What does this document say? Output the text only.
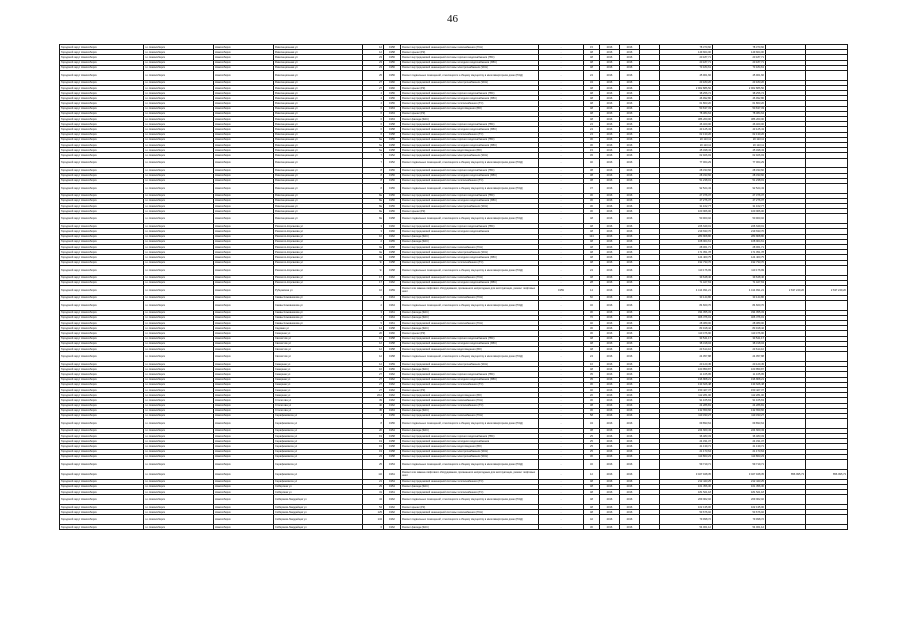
46
Городской округ Новосибирск	г.о. Новосибирск	Новосибирск	Революционная ул	12	1958	Ремонт внутридомовой инженерной системы газоснабжения (ГСН)	-	15	2016	2016		78 370,60	78 370,60		
Городской округ Новосибирск	г.о. Новосибирск	Новосибирск	Революционная ул	12	1958	Ремонт крыши (РК)	-	48	2016	2016		149 824,00	149 824,00		
Городской округ Новосибирск	г.о. Новосибирск	Новосибирск	Революционная ул	23	1956	Ремонт внутридомовой инженерной системы горячего водоснабжения (ГВС)	-	48	2016	2016		20 187,71	20 187,71		
Городской округ Новосибирск	г.о. Новосибирск	Новосибирск	Революционная ул	23	1956	Ремонт внутридомовой инженерной системы холодного водоснабжения (ХВС)	-	48	2016	2016		20 187,71	20 187,71		
Городской округ Новосибирск	г.о. Новосибирск	Новосибирск	Революционная ул	23	1956	Ремонт внутридомовой инженерной системы электроснабжения (ЭСН)	-	48	2016	2016		73 184,61	73 184,61		
Городской округ Новосибирск	г.о. Новосибирск	Новосибирск	Революционная ул	25	1956	Ремонт подвальных помещений, относящихся к общему имуществу в многоквартирном доме (ПОД)	-	24	2016	2016		45 961,66	45 961,66		
Городской округ Новосибирск	г.о. Новосибирск	Новосибирск	Революционная ул	27	1960	Ремонт внутридомовой инженерной системы электроснабжения (ЭСН)	-	34	2016	2016		23 183,26	23 183,26		
Городской округ Новосибирск	г.о. Новосибирск	Новосибирск	Революционная ул	27	1960	Ремонт крыши (РК)	-	48	2016	2016		2 962 886,50	2 962 886,50		
Городской округ Новосибирск	г.о. Новосибирск	Новосибирск	Революционная ул	4	1956	Ремонт внутридомовой инженерной системы горячего водоснабжения (ГВС)	-	48	2016	2016		38 256,74	38 256,74		
Городской округ Новосибирск	г.о. Новосибирск	Новосибирск	Революционная ул	4	1956	Ремонт внутридомовой инженерной системы холодного водоснабжения (ХВС)	-	48	2016	2016		46 992,80	46 992,80		
Городской округ Новосибирск	г.о. Новосибирск	Новосибирск	Революционная ул	4	1956	Ремонт внутридомовой инженерной системы теплоснабжения (ТС)	-	48	2016	2016		61 863,20	61 863,20		
Городской округ Новосибирск	г.о. Новосибирск	Новосибирск	Революционная ул	6	1963	Ремонт внутридомовой инженерной системы водоотведения (ВО)	-	48	2016	2016		50 637,33	50 637,33		
Городской округ Новосибирск	г.о. Новосибирск	Новосибирск	Революционная ул	6	1963	Ремонт крыши (РК)	-	48	2016	2016		78 384,64	78 384,64		
Городской округ Новосибирск	г.о. Новосибирск	Новосибирск	Революционная ул	6	1963	Ремонт фасада (ФАС)	-	48	2016	2016		386 260,00	386 260,00		
Городской округ Новосибирск	г.о. Новосибирск	Новосибирск	Революционная ул	6	1958	Ремонт внутридомовой инженерной системы горячего водоснабжения (ГВС)	-	24	2016	2016		46 400,00	46 400,00		
Городской округ Новосибирск	г.о. Новосибирск	Новосибирск	Революционная ул	6	1958	Ремонт внутридомовой инженерной системы холодного водоснабжения (ХВС)	-	24	2016	2016		43 125,43	43 125,43		
Городской округ Новосибирск	г.о. Новосибирск	Новосибирск	Революционная ул	6	1958	Ремонт внутридомовой инженерной системы теплоснабжения (ТС)	-	24	2016	2016		62 130,20	62 130,20		
Городской округ Новосибирск	г.о. Новосибирск	Новосибирск	Революционная ул	6а	1956	Ремонт внутридомовой инженерной системы горячего водоснабжения (ГВС)	-	30	2016	2016		20 113,11	20 113,11		
Городской округ Новосибирск	г.о. Новосибирск	Новосибирск	Революционная ул	6а	1958	Ремонт внутридомовой инженерной системы холодного водоснабжения (ХВС)	-	30	2016	2016		20 113,11	20 113,11		
Городской округ Новосибирск	г.о. Новосибирск	Новосибирск	Революционная ул	6а	1958	Ремонт внутридомовой инженерной системы водоотведения (ВО)	-	15	2016	2016		45 498,43	45 498,43		
Городской округ Новосибирск	г.о. Новосибирск	Новосибирск	Революционная ул	7	1952	Ремонт внутридомовой инженерной системы электроснабжения (ЭСН)	-	45	2016	2016		62 926,93	62 926,93		
Городской округ Новосибирск	г.о. Новосибирск	Новосибирск	Революционная ул	7	1952	Ремонт подвальных помещений, относящихся к общему имуществу в многоквартирном доме (ПОД)	-	40	2016	2016		77 064,29	77 064,29		
Городской округ Новосибирск	г.о. Новосибирск	Новосибирск	Революционная ул	8	1956	Ремонт внутридомовой инженерной системы горячего водоснабжения (ГВС)	-	38	2016	2016		28 333,60	28 333,60		
Городской округ Новосибирск	г.о. Новосибирск	Новосибирск	Революционная ул	8	1956	Ремонт внутридомовой инженерной системы холодного водоснабжения (ХВС)	-	38	2016	2016		28 333,60	28 333,60		
Городской округ Новосибирск	г.о. Новосибирск	Новосибирск	Революционная ул	8	1956	Ремонт внутридомовой инженерной системы теплоснабжения (ТС)	-	38	2016	2016		51 238,01	51 238,01		
Городской округ Новосибирск	г.о. Новосибирск	Новосибирск	Революционная ул	8	1956	Ремонт подвальных помещений, относящихся к общему имуществу в многоквартирном доме (ПОД)	-	37	2016	2016		92 524,43	92 524,43		
Городской округ Новосибирск	г.о. Новосибирск	Новосибирск	Революционная ул	8а	1956	Ремонт внутридомовой инженерной системы горячего водоснабжения (ГВС)	-	30	2016	2016		27 376,37	27 376,37		
Городской округ Новосибирск	г.о. Новосибирск	Новосибирск	Революционная ул	8а	1956	Ремонт внутридомовой инженерной системы холодного водоснабжения (ХВС)	-	30	2016	2016		47 276,37	47 276,37		
Городской округ Новосибирск	г.о. Новосибирск	Новосибирск	Революционная ул	8а	1956	Ремонт внутридомовой инженерной системы электроснабжения (ЭСН)	-	30	2016	2016		31 162,77	31 162,77		
Городской округ Новосибирск	г.о. Новосибирск	Новосибирск	Революционная ул	8а	1956	Ремонт крыши (РК)	-	30	2016	2016		100 966,00	100 966,00		
Городской округ Новосибирск	г.о. Новосибирск	Новосибирск	Революционная ул	8в	1958	Ремонт подвальных помещений, относящихся к общему имуществу в многоквартирном доме (ПОД)	-	48	2016	2016		50 900,02	50 900,02		
Городской округ Новосибирск	г.о. Новосибирск	Новосибирск	Римского-Корсакова ул	3	1960	Ремонт внутридомовой инженерной системы горячего водоснабжения (ГВС)	-	48	2016	2016		226 649,01	226 649,01		
Городской округ Новосибирск	г.о. Новосибирск	Новосибирск	Римского-Корсакова ул	3	1960	Ремонт внутридомовой инженерной системы холодного водоснабжения	-	48	2016	2016		219 633,70	219 633,70		
Городской округ Новосибирск	г.о. Новосибирск	Новосибирск	Римского-Корсакова ул	10	1962	Ремонт фасада (ФАС)	-	124	2016	2016		283 808,80	283 808,80		
Городской округ Новосибирск	г.о. Новосибирск	Новосибирск	Римского-Корсакова ул	2	1955	Ремонт фасада (ФАС)	-	48	2016	2016		108 904,61	108 904,61		
Городской округ Новосибирск	г.о. Новосибирск	Новосибирск	Римского-Корсакова ул	9а	1958	Ремонт внутридомовой инженерной системы газоснабжения (ГСН)	-	48	2016	2016		28 061,71	28 061,71		
Городской округ Новосибирск	г.о. Новосибирск	Новосибирск	Римского-Корсакова ул	9а	1958	Ремонт внутридомовой инженерной системы электроснабжения (ЭСН)	-	48	2016	2016		171 051,78	171 051,78		
Городской округ Новосибирск	г.о. Новосибирск	Новосибирск	Римского-Корсакова ул	9в	1958	Ремонт внутридомовой инженерной системы холодного водоснабжения (ХВС)	-	48	2016	2016		124 400,75	124 400,75		
Городской округ Новосибирск	г.о. Новосибирск	Новосибирск	Римского-Корсакова ул	9г	1958	Ремонт внутридомовой инженерной системы теплоснабжения (ТС)	-	48	2016	2016		192 733,70	192 733,70		
Городской округ Новосибирск	г.о. Новосибирск	Новосибирск	Римского-Корсакова ул	9г	1958	Ремонт подвальных помещений, относящихся к общему имуществу в многоквартирном доме (ПОД)	-	24	2016	2016		110 176,99	110 176,99		
Городской округ Новосибирск	г.о. Новосибирск	Новосибирск	Римского-Корсакова ул	17	1962	Ремонт внутридомовой инженерной системы газоснабжения (ГСН)	-	48	2016	2016		39 648,40	39 648,40		
Городской округ Новосибирск	г.о. Новосибирск	Новосибирск	Римского-Корсакова ул	17	1962	Ремонт внутридомовой инженерной системы холодного водоснабжения (ХВС)	-	28	2016	2016		71 427,63	71 427,63		
Городской округ Новосибирск	г.о. Новосибирск	Новосибирск	Рубцовская ул	10	1959	Ремонт или замена лифтового оборудования, признанного непригодным для эксплуатации, ремонт лифтовых шахт	1959	14	2016	2016		4 414 991,21	4 414 991,21	2 637 249,20	2 637 249,20
Городской округ Новосибирск	г.о. Новосибирск	Новосибирск	Саввы Кожевникова ул	2	1964	Ремонт внутридомовой инженерной системы газоснабжения (ГСН)	-	60	2016	2016		33 144,80	33 144,80		
Городской округ Новосибирск	г.о. Новосибирск	Новосибирск	Саввы Кожевникова ул	2	1964	Ремонт подвальных помещений, относящихся к общему имуществу в многоквартирном доме (ПОД)	-	32	2016	2016		84 660,70	84 660,70		
Городской округ Новосибирск	г.о. Новосибирск	Новосибирск	Саввы Кожевникова ул	3	1961	Ремонт фасада (ФАС)	-	30	2016	2016		334 055,33	334 055,33		
Городской округ Новосибирск	г.о. Новосибирск	Новосибирск	Саввы Кожевникова ул	4	1964	Ремонт фасада (ФАС)	-	70	2016	2016		406 376,01	406 376,01		
Городской округ Новосибирск	г.о. Новосибирск	Новосибирск	Саввы Кожевникова ул	5	1961	Ремонт внутридомовой инженерной системы газоснабжения (ГСН)	-	40	2016	2016		28 389,00	28 389,00		
Городской округ Новосибирск	г.о. Новосибирск	Новосибирск	Садовая ул	14	1958	Ремонт фасада (ФАС)	-	30	2016	2016		83 918,42	83 918,42		
Городской округ Новосибирск	г.о. Новосибирск	Новосибирск	Северная ул	20	1960	Ремонт крыши (РК)	-	30	2016	2016		110 476,90	110 476,90		
Городской округ Новосибирск	г.о. Новосибирск	Новосибирск	Связистов ул	12	1958	Ремонт внутридомовой инженерной системы горячего водоснабжения (ГВС)	-	48	2016	2016		33 541,17	33 541,17		
Городской округ Новосибирск	г.о. Новосибирск	Новосибирск	Связистов ул	12	1958	Ремонт внутридомовой инженерной системы холодного водоснабжения (ХВС)	-	48	2016	2016		38 318,04	38 318,04		
Городской округ Новосибирск	г.о. Новосибирск	Новосибирск	Связистов ул	12	1958	Ремонт внутридомовой инженерной системы водоотведения (ВО)	-	48	2016	2016		23 614,10	23 614,10		
Городской округ Новосибирск	г.о. Новосибирск	Новосибирск	Связистов ул	12	1958	Ремонт подвальных помещений, относящихся к общему имуществу в многоквартирном доме (ПОД)	-	24	2016	2016		24 057,88	24 057,88		
Городской округ Новосибирск	г.о. Новосибирск	Новосибирск	Северная ул	12	1959	Ремонт внутридомовой инженерной системы электроснабжения (ЭСН)	-	16	2016	2016		20 120,45	20 120,45		
Городской округ Новосибирск	г.о. Новосибирск	Новосибирск	Северная ул	16	1956	Ремонт фасада (ФАС)	-	48	2016	2016		160 859,87	160 859,87		
Городской округ Новосибирск	г.о. Новосибирск	Новосибирск	Северная ул	27	1962	Ремонт внутридомовой инженерной системы горячего водоснабжения (ГВС)	-	35	2016	2016		11 165,95	11 165,95		
Городской округ Новосибирск	г.о. Новосибирск	Новосибирск	Северная ул	27	1962	Ремонт внутридомовой инженерной системы холодного водоснабжения (ХВС)	-	35	2016	2016		196 808,21	196 808,21		
Городской округ Новосибирск	г.о. Новосибирск	Новосибирск	Северная ул	27	1962	Ремонт внутридомовой инженерной системы теплоснабжения (ТС)	-	30	2016	2016		133 626,48	133 626,48		
Городской округ Новосибирск	г.о. Новосибирск	Новосибирск	Северная ул	27	1962	Ремонт крыши (РК)	-	40	2016	2016		150 427,37	150 427,37		
Городской округ Новосибирск	г.о. Новосибирск	Новосибирск	Северная ул	2/12	1962	Ремонт внутридомовой инженерной системы водоотведения (ВО)	-	20	2016	2016		112 281,00	112 281,00		
Городской округ Новосибирск	г.о. Новосибирск	Новосибирск	Столетова ул	39	1962	Ремонт внутридомовой инженерной системы газоснабжения (ГСН)	-	30	2016	2016		91 165,63	91 165,63		
Городской округ Новосибирск	г.о. Новосибирск	Новосибирск	Столетова ул	40	1962	Ремонт внутридомовой инженерной системы теплоснабжения (ТС)	-	38	2016	2016		24 286,81	24 286,81		
Городской округ Новосибирск	г.о. Новосибирск	Новосибирск	Столетова ул	45	1963	Ремонт фасада (ФАС)	-	30	2016	2016		132 659,66	132 659,66		
Городской округ Новосибирск	г.о. Новосибирск	Новосибирск	Серафимовича ул	4	1956	Ремонт внутридомовой инженерной системы газоснабжения (ГСН)	-	58	2016	2016		110 333,27	110 333,27		
Городской округ Новосибирск	г.о. Новосибирск	Новосибирск	Серафимовича ул	8	1956	Ремонт подвальных помещений, относящихся к общему имуществу в многоквартирном доме (ПОД)	-	34	2016	2016		69 893,64	69 893,64		
Городской округ Новосибирск	г.о. Новосибирск	Новосибирск	Серафимовича ул	20	1954	Ремонт фасада (ФАС)	-	38	2016	2016		224 660,43	224 660,43		
Городской округ Новосибирск	г.о. Новосибирск	Новосибирск	Серафимовича ул	19	1958	Ремонт внутридомовой инженерной системы горячего водоснабжения (ГВС)	-	25	2016	2016		36 483,33	36 483,33		
Городской округ Новосибирск	г.о. Новосибирск	Новосибирск	Серафимовича ул	19	1958	Ремонт внутридомовой инженерной системы холодного водоснабжения	-	25	2016	2016		24 331,37	24 331,37		
Городской округ Новосибирск	г.о. Новосибирск	Новосибирск	Серафимовича ул	19	1958	Ремонт внутридомовой инженерной системы водоотведения (ВО)	-	25	2016	2016		41 139,71	41 139,71		
Городской округ Новосибирск	г.о. Новосибирск	Новосибирск	Серафимовича ул	19	1958	Ремонт внутридомовой инженерной системы электроснабжения (ЭСН)	-	25	2016	2016		21 173,64	21 173,64		
Городской округ Новосибирск	г.о. Новосибирск	Новосибирск	Серафимовича ул	23	1958	Ремонт внутридомовой инженерной системы электроснабжения (ЭСН)	-	30	2016	2016		113 863,23	113 863,23		
Городской округ Новосибирск	г.о. Новосибирск	Новосибирск	Серафимовича ул	25	1954	Ремонт подвальных помещений, относящихся к общему имуществу в многоквартирном доме (ПОД)	-	32	2016	2016		59 719,71	59 719,71		
Городской округ Новосибирск	г.о. Новосибирск	Новосибирск	Серафимовича ул	1/2	1961	Ремонт или замена лифтового оборудования, признанного непригодным для эксплуатации, ремонт лифтовых шахт	-	12	2016	2016		3 027 948,35	3 027 948,35	856 995,73	856 995,73
Городской округ Новосибирск	г.о. Новосибирск	Новосибирск	Серафимовича ул	21	1954	Ремонт внутридомовой инженерной системы теплоснабжения (ТС)	-	48	2016	2016		212 443,25	212 443,25		
Городской округ Новосибирск	г.о. Новосибирск	Новосибирск	Сибирская ул	29	1954	Ремонт фасада (ФАС)	-	48	2016	2016		161 356,30	161 356,30		
Городской округ Новосибирск	г.о. Новосибирск	Новосибирск	Сибирская ул	31	1961	Ремонт внутридомовой инженерной системы теплоснабжения (ТС)	-	48	2016	2016		181 521,18	181 521,18		
Городской округ Новосибирск	г.о. Новосибирск	Новосибирск	Сибиряков-Гвардейцев ул	34	1962	Ремонт подвальных помещений, относящихся к общему имуществу в многоквартирном доме (ПОД)	-	48	2016	2016		269 962,02	269 962,02		
Городской округ Новосибирск	г.о. Новосибирск	Новосибирск	Сибиряков-Гвардейцев ул	54	1962	Ремонт крыши (РК)	-	48	2016	2016		102 135,00	102 135,00		
Городской округ Новосибирск	г.о. Новосибирск	Новосибирск	Сибиряков-Гвардейцев ул	125	1962	Ремонт внутридомовой инженерной системы газоснабжения (ГСН)	-	48	2016	2016		53 676,02	53 676,02		
Городской округ Новосибирск	г.о. Новосибирск	Новосибирск	Сибиряков-Гвардейцев ул	134	1962	Ремонт подвальных помещений, относящихся к общему имуществу в многоквартирном доме (ПОД)	-	42	2016	2016		79 998,72	79 998,72		
Городской округ Новосибирск	г.о. Новосибирск	Новосибирск	Сибиряков-Гвардейцев ул	6	1962	Ремонт фасада (ФАС)	-	30	2016	2016		54 061,12	54 061,12		
